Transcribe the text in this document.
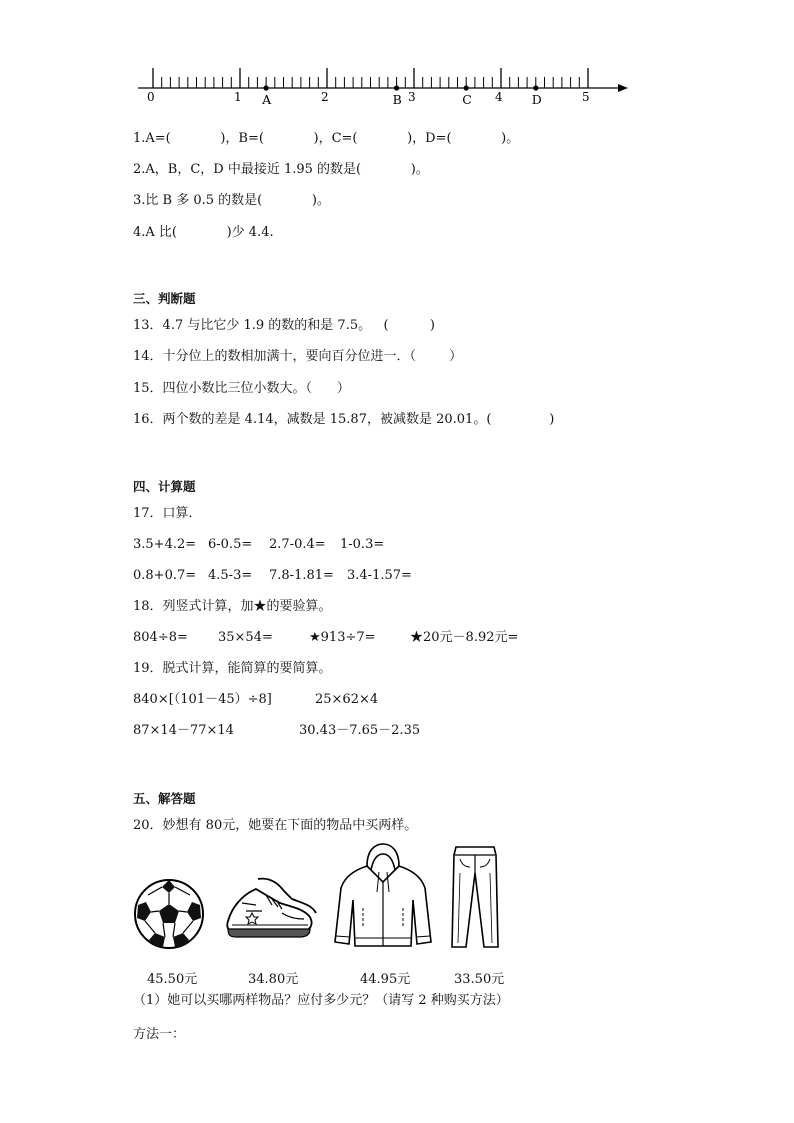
0	1	2	3	4	5
A	B	C	D
1.A=(            )，B=(            )，C=(            )，D=(            )。
2.A，B，C，D 中最接近 1.95 的数是(            )。
3.比 B 多 0.5 的数是(            )。
4.A 比(            )少 4.4.
三、判断题
13．4.7 与比它少 1.9 的数的和是 7.5。   (          )
14．十分位上的数相加满十，要向百分位进一．（        ）
15．四位小数比三位小数大。（      ）
16．两个数的差是 4.14，减数是 15.87，被减数是 20.01。(              )
四、计算题
17．口算．
3.5+4.2= 6-0.5= 2.7-0.4= 1-0.3=
0.8+0.7= 4.5-3= 7.8-1.81= 3.4-1.57=
18．列竖式计算，加★的要验算。
804÷8= 35×54=	★913÷7=	★20元－8.92元=
19．脱式计算，能简算的要简算。
840×[（101－45）÷8]	25×62×4
87×14－77×14	30.43－7.65－2.35
五、解答题
20．妙想有 80元，她要在下面的物品中买两样。
45.50元	34.80元	44.95元	33.50元
（1）她可以买哪两样物品？应付多少元？（请写 2 种购买方法）
方法一：
